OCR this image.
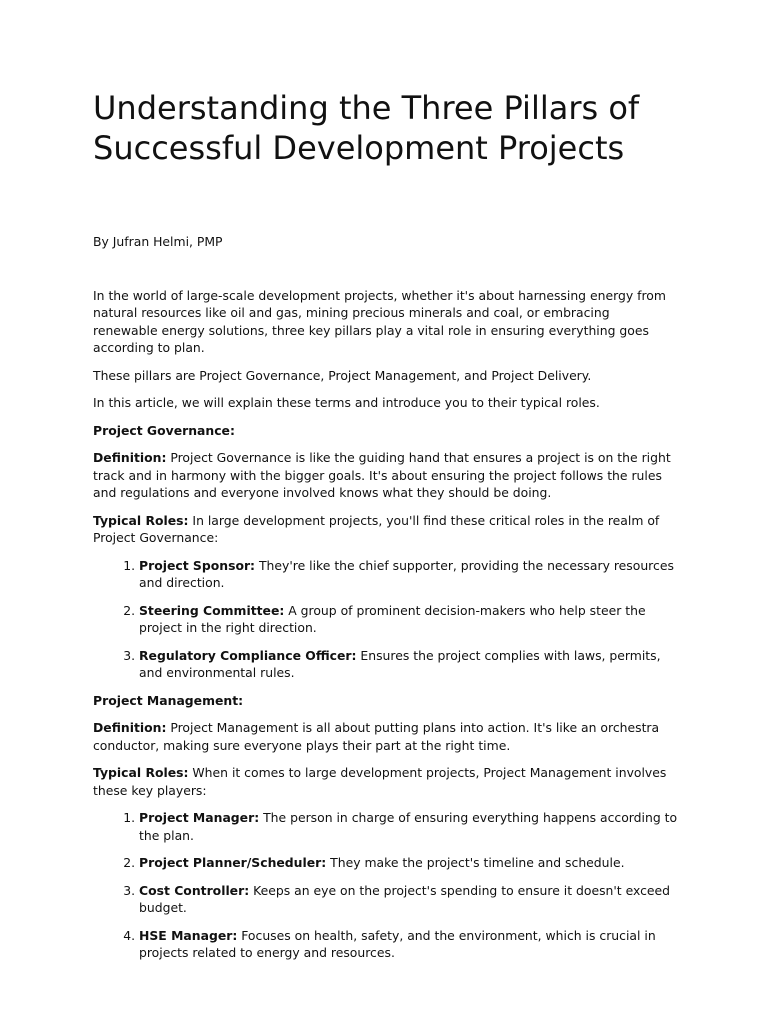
Understanding the Three Pillars of Successful Development Projects

By Jufran Helmi, PMP

In the world of large-scale development projects, whether it's about harnessing energy from natural resources like oil and gas, mining precious minerals and coal, or embracing renewable energy solutions, three key pillars play a vital role in ensuring everything goes according to plan.

These pillars are Project Governance, Project Management, and Project Delivery.

In this article, we will explain these terms and introduce you to their typical roles.

Project Governance:

Definition: Project Governance is like the guiding hand that ensures a project is on the right track and in harmony with the bigger goals. It's about ensuring the project follows the rules and regulations and everyone involved knows what they should be doing.

Typical Roles: In large development projects, you'll find these critical roles in the realm of Project Governance:

1. Project Sponsor: They're like the chief supporter, providing the necessary resources and direction.
2. Steering Committee: A group of prominent decision-makers who help steer the project in the right direction.
3. Regulatory Compliance Officer: Ensures the project complies with laws, permits, and environmental rules.

Project Management:

Definition: Project Management is all about putting plans into action. It's like an orchestra conductor, making sure everyone plays their part at the right time.

Typical Roles: When it comes to large development projects, Project Management involves these key players:

1. Project Manager: The person in charge of ensuring everything happens according to the plan.
2. Project Planner/Scheduler: They make the project's timeline and schedule.
3. Cost Controller: Keeps an eye on the project's spending to ensure it doesn't exceed budget.
4. HSE Manager: Focuses on health, safety, and the environment, which is crucial in projects related to energy and resources.
